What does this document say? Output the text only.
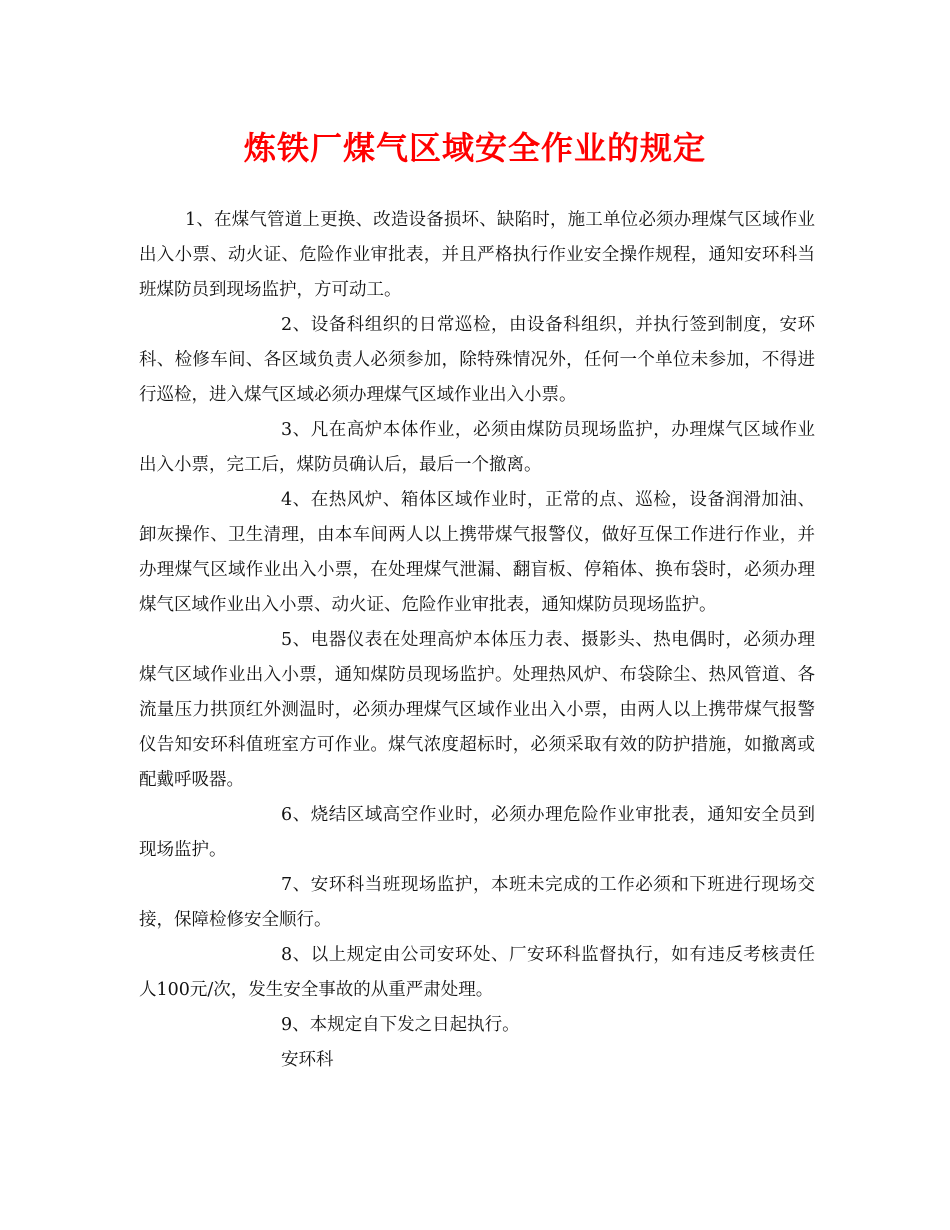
炼铁厂煤气区域安全作业的规定

1、在煤气管道上更换、改造设备损坏、缺陷时，施工单位必须办理煤气区域作业出入小票、动火证、危险作业审批表，并且严格执行作业安全操作规程，通知安环科当班煤防员到现场监护，方可动工。

2、设备科组织的日常巡检，由设备科组织，并执行签到制度，安环科、检修车间、各区域负责人必须参加，除特殊情况外，任何一个单位未参加，不得进行巡检，进入煤气区域必须办理煤气区域作业出入小票。

3、凡在高炉本体作业，必须由煤防员现场监护，办理煤气区域作业出入小票，完工后，煤防员确认后，最后一个撤离。

4、在热风炉、箱体区域作业时，正常的点、巡检，设备润滑加油、卸灰操作、卫生清理，由本车间两人以上携带煤气报警仪，做好互保工作进行作业，并办理煤气区域作业出入小票，在处理煤气泄漏、翻盲板、停箱体、换布袋时，必须办理煤气区域作业出入小票、动火证、危险作业审批表，通知煤防员现场监护。

5、电器仪表在处理高炉本体压力表、摄影头、热电偶时，必须办理煤气区域作业出入小票，通知煤防员现场监护。处理热风炉、布袋除尘、热风管道、各流量压力拱顶红外测温时，必须办理煤气区域作业出入小票，由两人以上携带煤气报警仪告知安环科值班室方可作业。煤气浓度超标时，必须采取有效的防护措施，如撤离或配戴呼吸器。

6、烧结区域高空作业时，必须办理危险作业审批表，通知安全员到现场监护。

7、安环科当班现场监护，本班未完成的工作必须和下班进行现场交接，保障检修安全顺行。

8、以上规定由公司安环处、厂安环科监督执行，如有违反考核责任人100元/次，发生安全事故的从重严肃处理。

9、本规定自下发之日起执行。

安环科
